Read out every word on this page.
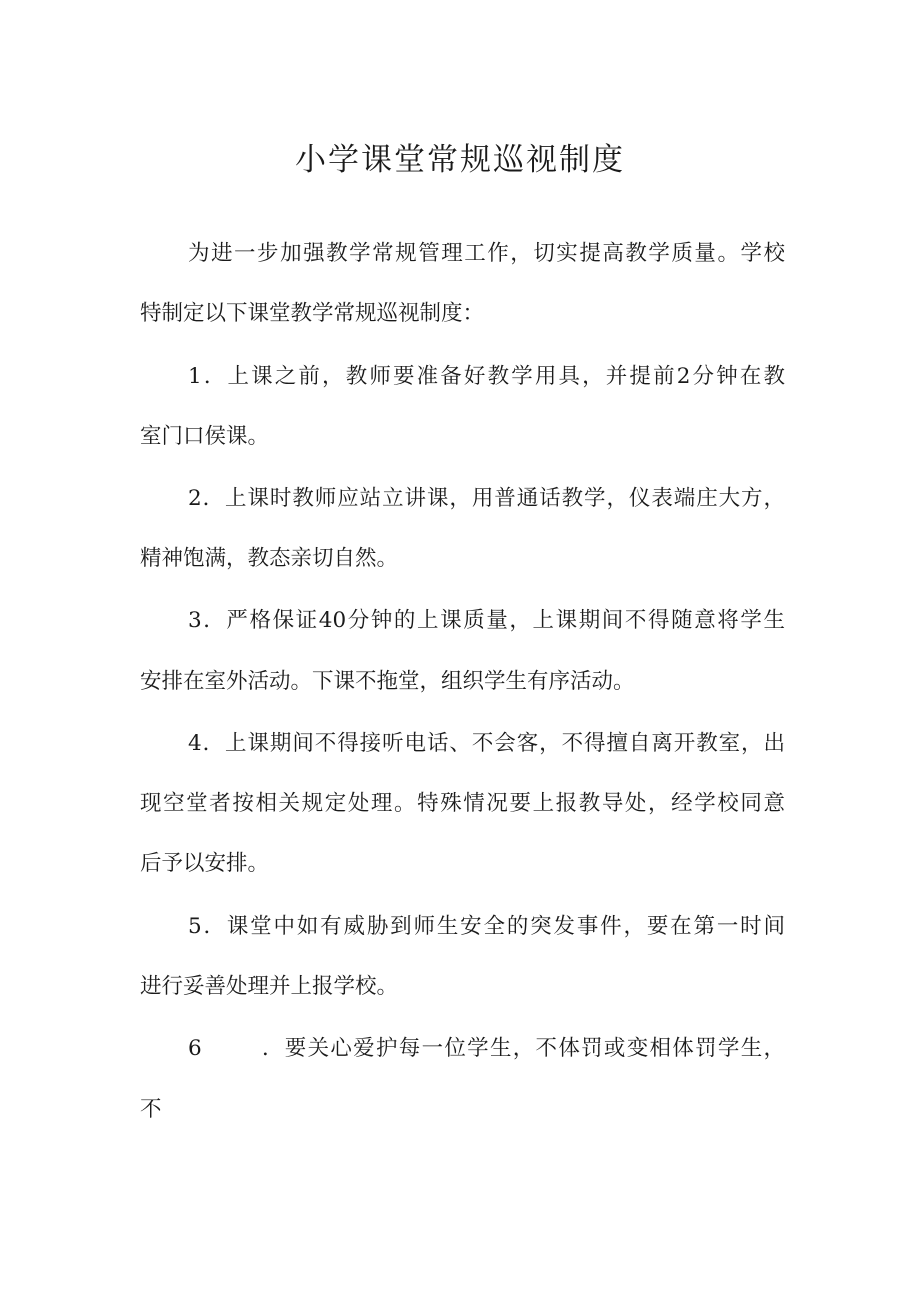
小学课堂常规巡视制度
为进一步加强教学常规管理工作，切实提高教学质量。学校
特制定以下课堂教学常规巡视制度：
1．上课之前，教师要准备好教学用具，并提前2分钟在教
室门口侯课。
2．上课时教师应站立讲课，用普通话教学，仪表端庄大方，
精神饱满，教态亲切自然。
3．严格保证40分钟的上课质量，上课期间不得随意将学生
安排在室外活动。下课不拖堂，组织学生有序活动。
4．上课期间不得接听电话、不会客，不得擅自离开教室，出
现空堂者按相关规定处理。特殊情况要上报教导处，经学校同意
后予以安排。
5．课堂中如有威胁到师生安全的突发事件，要在第一时间
进行妥善处理并上报学校。
6	．要关心爱护每一位学生，不体罚或变相体罚学生，
不
